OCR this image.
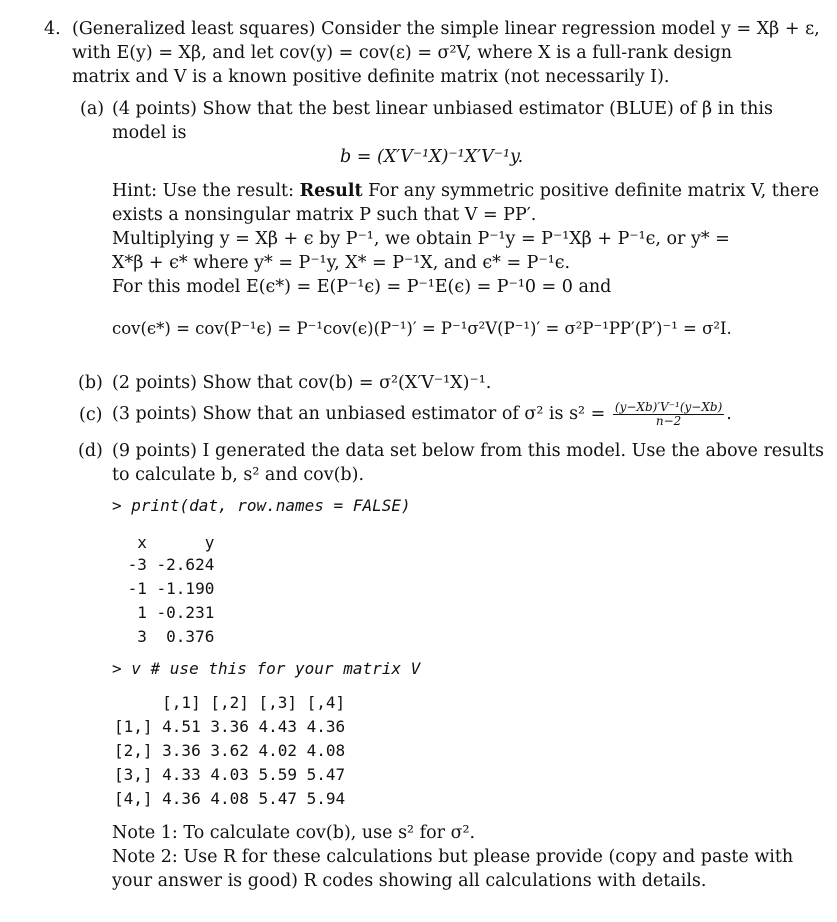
4. (Generalized least squares) Consider the simple linear regression model y = Xβ + ε,
with E(y) = Xβ, and let cov(y) = cov(ε) = σ²V, where X is a full-rank design
matrix and V is a known positive definite matrix (not necessarily I).
(a) (4 points) Show that the best linear unbiased estimator (BLUE) of β in this
model is
b = (X′V⁻¹X)⁻¹X′V⁻¹y.
Hint: Use the result: Result For any symmetric positive definite matrix V, there
exists a nonsingular matrix P such that V = PP′.
Multiplying y = Xβ + ϵ by P⁻¹, we obtain P⁻¹y = P⁻¹Xβ + P⁻¹ϵ, or y* =
X*β + ϵ* where y* = P⁻¹y, X* = P⁻¹X, and ϵ* = P⁻¹ϵ.
For this model E(ϵ*) = E(P⁻¹ϵ) = P⁻¹E(ϵ) = P⁻¹0 = 0 and
cov(ϵ*) = cov(P⁻¹ϵ) = P⁻¹cov(ϵ)(P⁻¹)′ = P⁻¹σ²V(P⁻¹)′ = σ²P⁻¹PP′(P′)⁻¹ = σ²I.
(b) (2 points) Show that cov(b) = σ²(X′V⁻¹X)⁻¹.
(c) (3 points) Show that an unbiased estimator of σ² is $s^2 = \frac{\text{(y−Xb)′V⁻¹(y−Xb)}}{n-2}$ .
(d) (9 points) I generated the data set below from this model. Use the above results
to calculate b, s² and cov(b).
> print(dat, row.names = FALSE)
x      y
-3 -2.624
-1 -1.190
1 -0.231
3  0.376
> v # use this for your matrix V
[,1] [,2] [,3] [,4]
[1,] 4.51 3.36 4.43 4.36
[2,] 3.36 3.62 4.02 4.08
[3,] 4.33 4.03 5.59 5.47
[4,] 4.36 4.08 5.47 5.94
Note 1: To calculate cov(b), use s² for σ².
Note 2: Use R for these calculations but please provide (copy and paste with
your answer is good) R codes showing all calculations with details.
